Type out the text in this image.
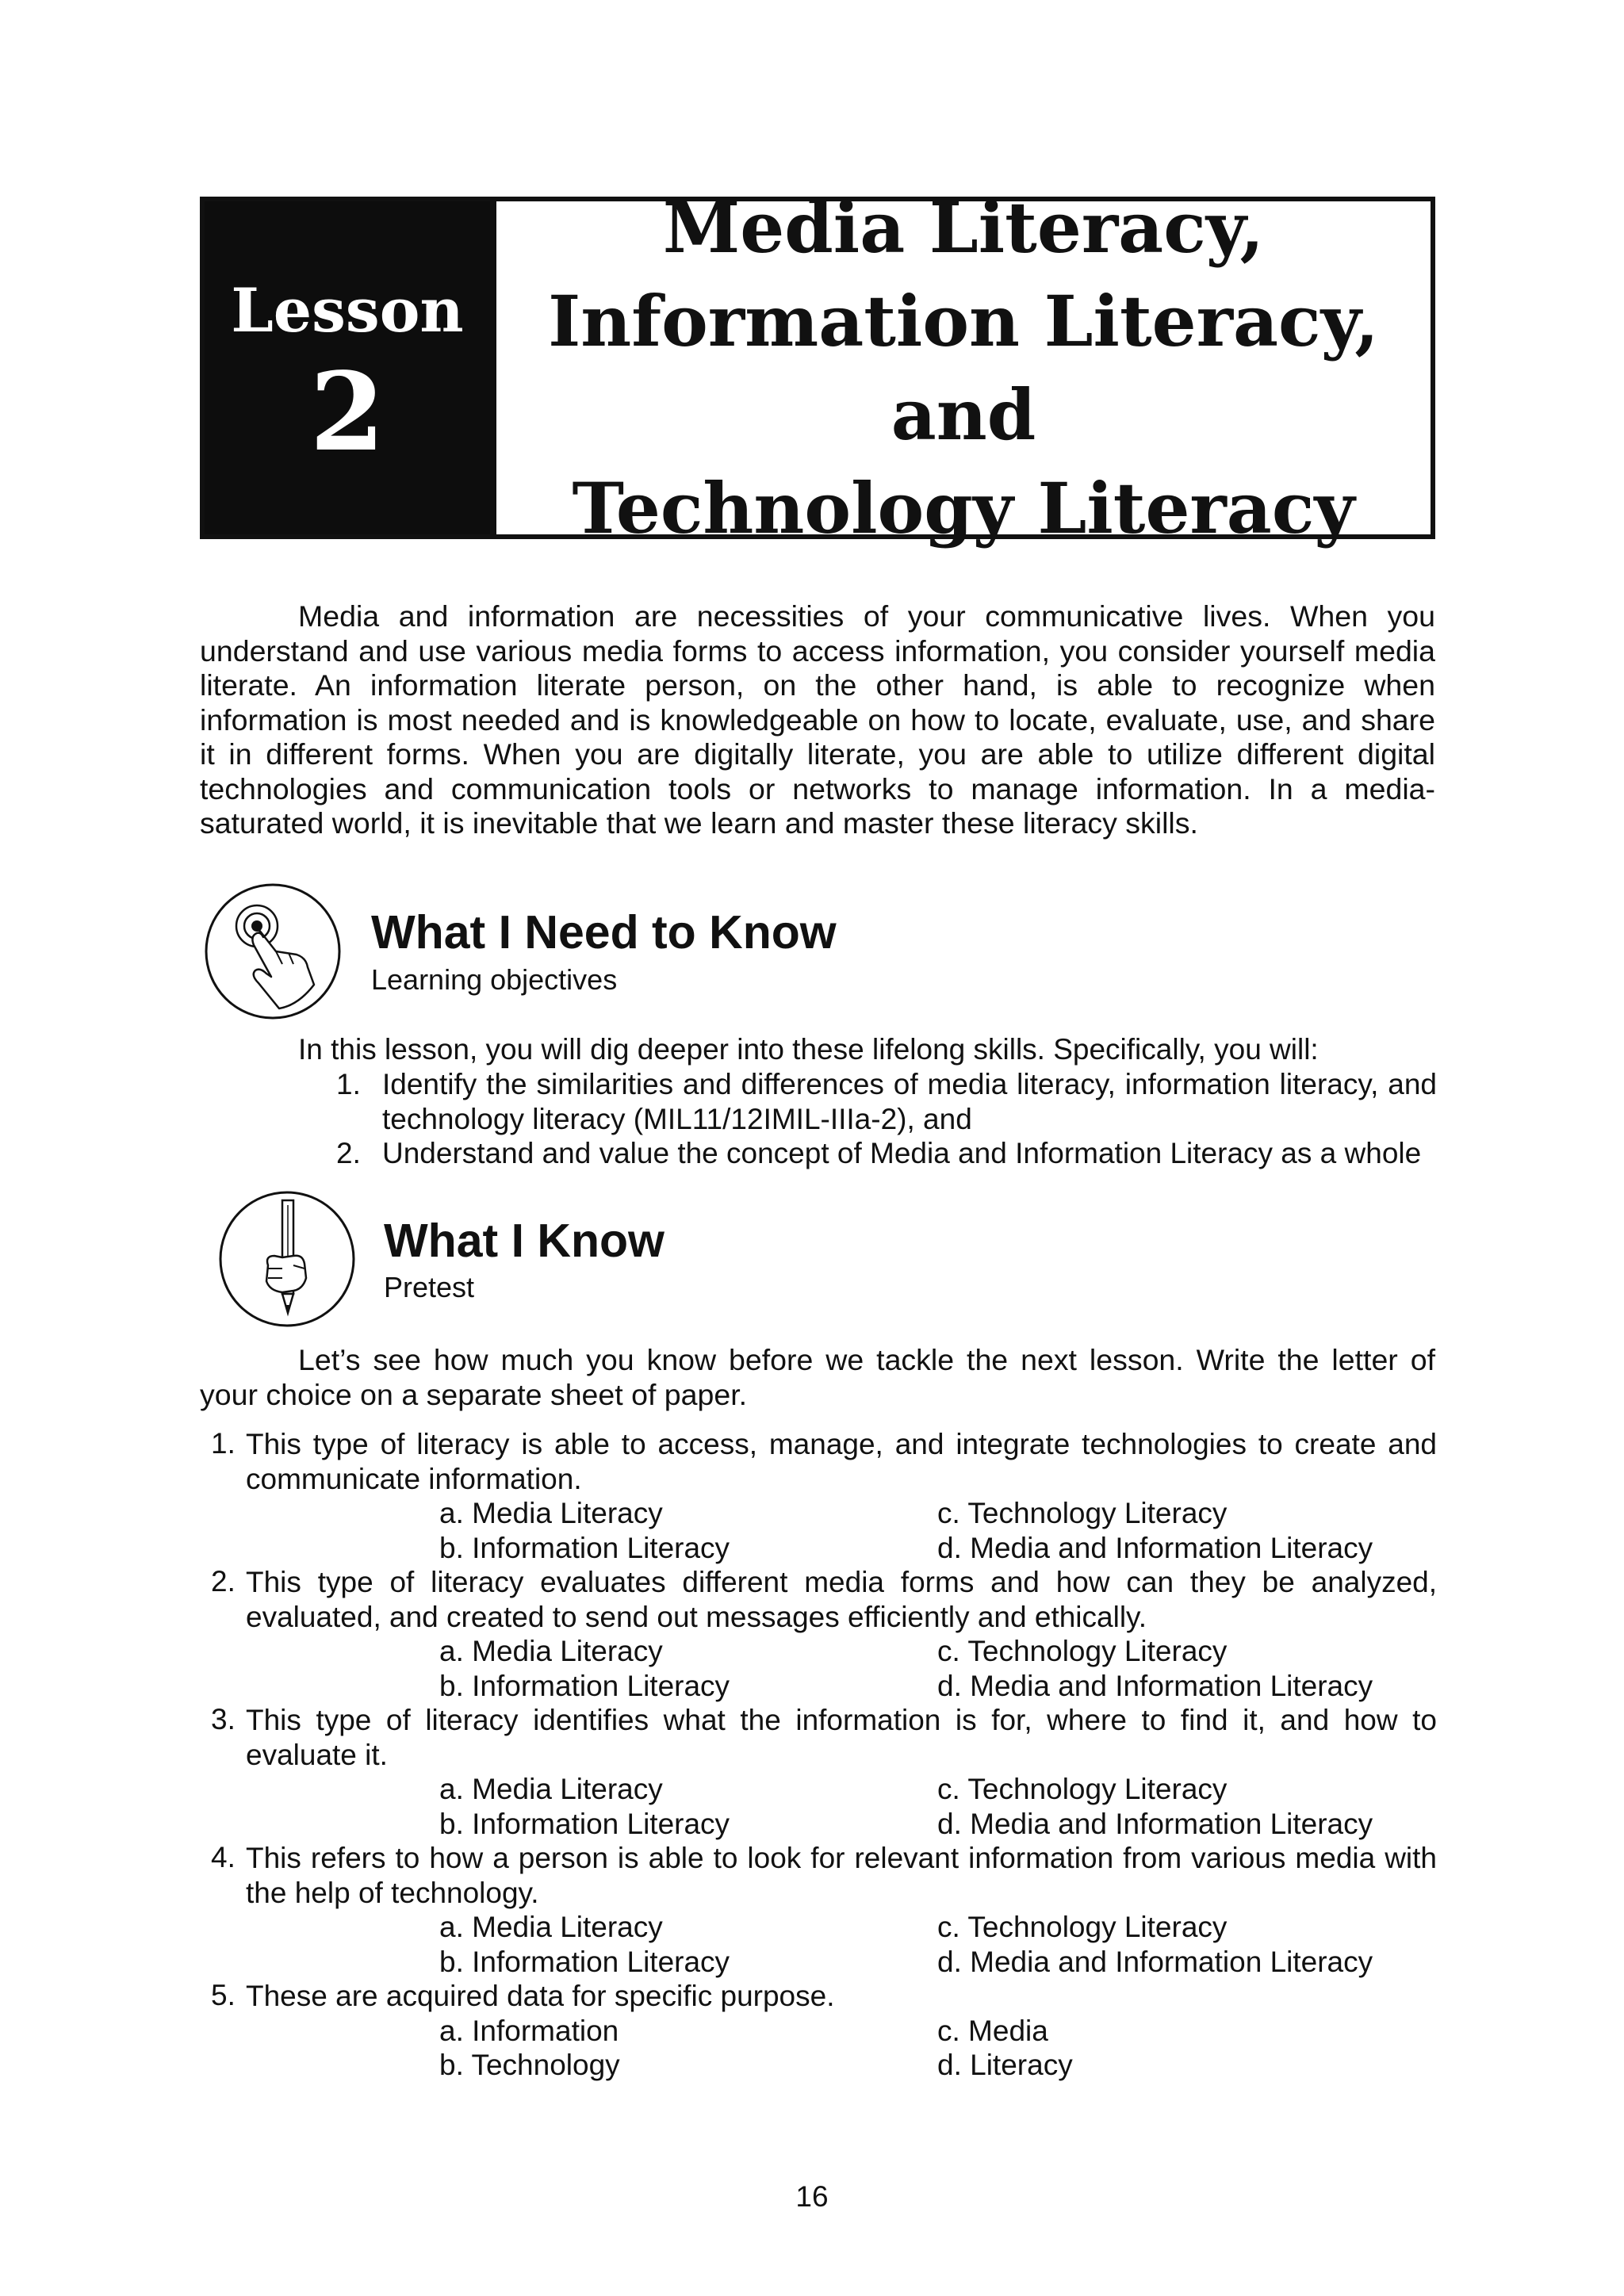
Lesson
2
Media Literacy,
Information Literacy, and
Technology Literacy

Media and information are necessities of your communicative lives. When you understand and use various media forms to access information, you consider yourself media literate. An information literate person, on the other hand, is able to recognize when information is most needed and is knowledgeable on how to locate, evaluate, use, and share it in different forms. When you are digitally literate, you are able to utilize different digital technologies and communication tools or networks to manage information. In a media-saturated world, it is inevitable that we learn and master these literacy skills.

What I Need to Know

Learning objectives

In this lesson, you will dig deeper into these lifelong skills. Specifically, you will:

1. Identify the similarities and differences of media literacy, information literacy, and technology literacy (MIL11/12IMIL-IIIa-2), and
2. Understand and value the concept of Media and Information Literacy as a whole
What I Know

Pretest

Let’s see how much you know before we tackle the next lesson. Write the letter of your choice on a separate sheet of paper.

1. This type of literacy is able to access, manage, and integrate technologies to create and communicate information.

a. Media Literacy	c. Technology Literacy
b. Information Literacy	d. Media and Information Literacy
2. This type of literacy evaluates different media forms and how can they be analyzed, evaluated, and created to send out messages efficiently and ethically.

a. Media Literacy	c. Technology Literacy
b. Information Literacy	d. Media and Information Literacy
3. This type of literacy identifies what the information is for, where to find it, and how to evaluate it.

a. Media Literacy	c. Technology Literacy
b. Information Literacy	d. Media and Information Literacy
4. This refers to how a person is able to look for relevant information from various media with the help of technology.

a. Media Literacy	c. Technology Literacy
b. Information Literacy	d. Media and Information Literacy
5. These are acquired data for specific purpose.

a. Information	c. Media
b. Technology	d. Literacy

16
